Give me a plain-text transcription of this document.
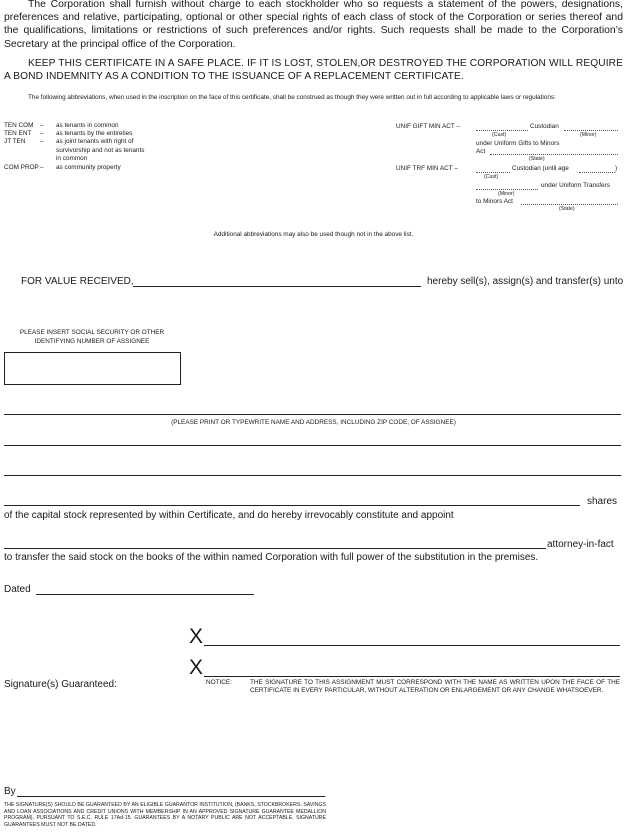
The Corporation shall furnish without charge to each stockholder who so requests a statement of the powers, designations, preferences and relative, participating, optional or other special rights of each class of stock of the Corporation or series thereof and the qualifications, limitations or restrictions of such preferences and/or rights. Such requests shall be made to the Corporation’s Secretary at the principal office of the Corporation.

KEEP THIS CERTIFICATE IN A SAFE PLACE. IF IT IS LOST, STOLEN,OR DESTROYED THE CORPORATION WILL REQUIRE A BOND INDEMNITY AS A CONDITION TO THE ISSUANCE OF A REPLACEMENT CERTIFICATE.

The following abbreviations, when used in the inscription on the face of this certificate, shall be construed as though they were written out in full according to applicable laws or regulations:

TEN COM	–	as tenants in common
TEN ENT	–	as tenants by the entireties
JT TEN	–	as joint tenants with right of
survivorship and not as tenants
in common
COM PROP –	as community property
UNIF GIFT MIN ACT –	Custodian
(Cust)	(Minor)
under Uniform Gifts to Minors
Act
(State)
UNIF TRF MIN ACT –	Custodian (until age	)
(Cust)
under Uniform Transfers
(Minor)
to Minors Act
(State)
Additional abbreviations may also be used though not in the above list.
FOR VALUE RECEIVED,	hereby sell(s), assign(s) and transfer(s) unto
PLEASE INSERT SOCIAL SECURITY OR OTHER
IDENTIFYING NUMBER OF ASSIGNEE
(PLEASE PRINT OR TYPEWRITE NAME AND ADDRESS, INCLUDING ZIP CODE, OF ASSIGNEE)
shares
of the capital stock represented by within Certificate, and do hereby irrevocably constitute and appoint
attorney-in-fact
to transfer the said stock on the books of the within named Corporation with full power of the substitution in the premises.
Dated
X
X
Signature(s) Guaranteed:	NOTICE:	THE SIGNATURE TO THIS ASSIGNMENT MUST CORRESPOND WITH THE NAME AS WRITTEN UPON THE FACE OF THE CERTIFICATE IN EVERY PARTICULAR, WITHOUT ALTERATION OR ENLARGEMENT OR ANY CHANGE WHATSOEVER.
By
THE SIGNATURE(S) SHOULD BE GUARANTEED BY AN ELIGIBLE GUARANTOR INSTITUTION, (BANKS, STOCKBROKERS, SAVINGS AND LOAN ASSOCIATIONS AND CREDIT UNIONS WITH MEMBERSHIP IN AN APPROVED SIGNATURE GUARANTEE MEDALLION PROGRAM), PURSUANT TO S.E.C. RULE 17Ad-15. GUARANTEES BY A NOTARY PUBLIC ARE NOT ACCEPTABLE. SIGNATURE GUARANTEES MUST NOT BE DATED.
